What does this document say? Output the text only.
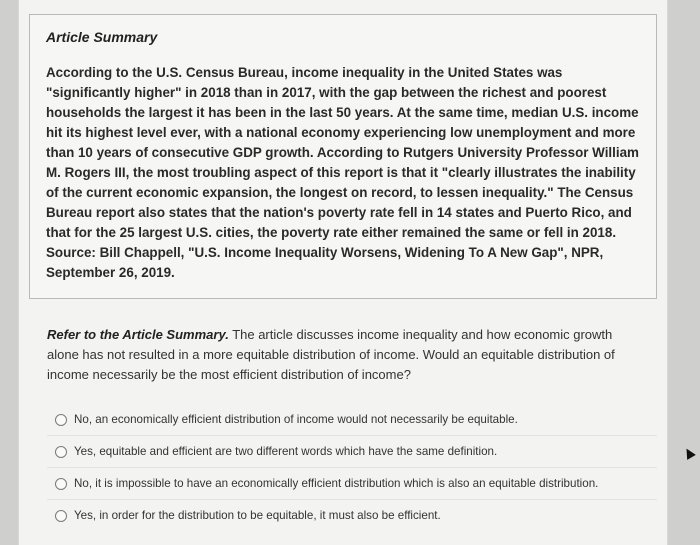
Article Summary

According to the U.S. Census Bureau, income inequality in the United States was "significantly higher" in 2018 than in 2017, with the gap between the richest and poorest households the largest it has been in the last 50 years. At the same time, median U.S. income hit its highest level ever, with a national economy experiencing low unemployment and more than 10 years of consecutive GDP growth. According to Rutgers University Professor William M. Rogers III, the most troubling aspect of this report is that it "clearly illustrates the inability of the current economic expansion, the longest on record, to lessen inequality." The Census Bureau report also states that the nation's poverty rate fell in 14 states and Puerto Rico, and that for the 25 largest U.S. cities, the poverty rate either remained the same or fell in 2018.

Source: Bill Chappell, "U.S. Income Inequality Worsens, Widening To A New Gap", NPR, September 26, 2019.

Refer to the Article Summary. The article discusses income inequality and how economic growth alone has not resulted in a more equitable distribution of income. Would an equitable distribution of income necessarily be the most efficient distribution of income?
No, an economically efficient distribution of income would not necessarily be equitable.
Yes, equitable and efficient are two different words which have the same definition.
No, it is impossible to have an economically efficient distribution which is also an equitable distribution.
Yes, in order for the distribution to be equitable, it must also be efficient.
